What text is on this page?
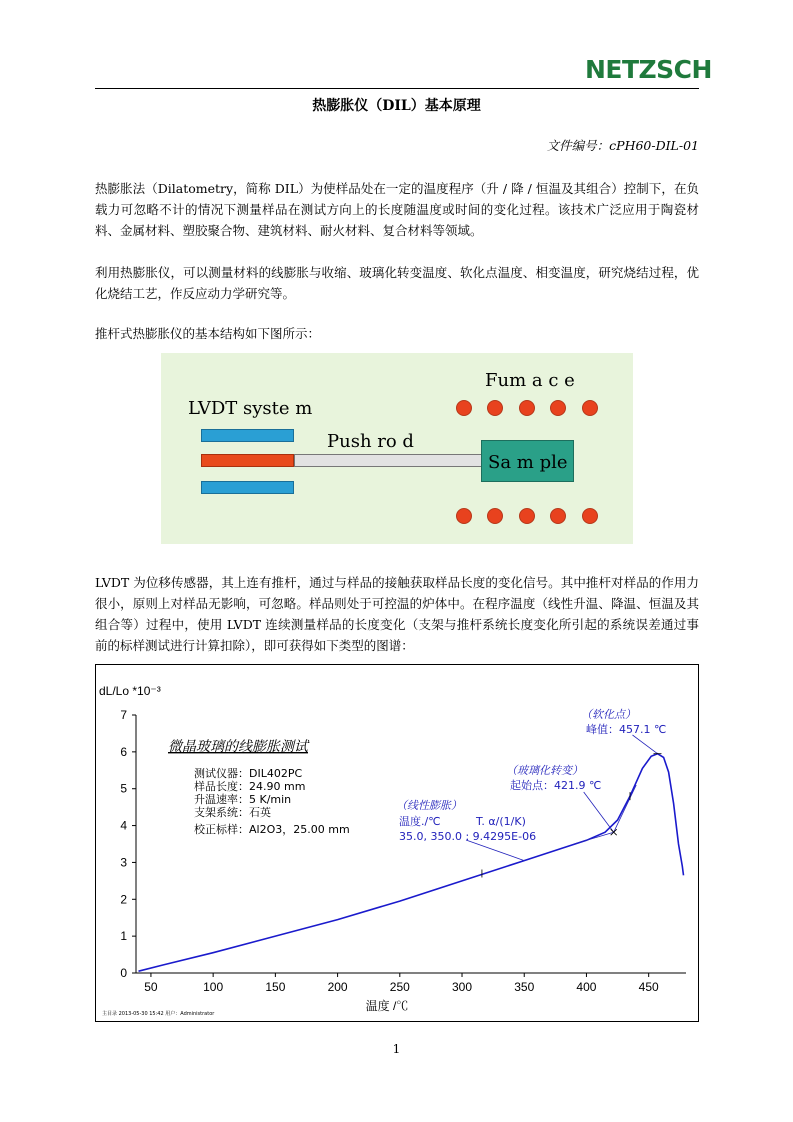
NETZSCH
热膨胀仪（DIL）基本原理
文件编号：cPH60-DIL-01
热膨胀法（Dilatometry，简称 DIL）为使样品处在一定的温度程序（升 / 降 / 恒温及其组合）控制下，在负载力可忽略不计的情况下测量样品在测试方向上的长度随温度或时间的变化过程。该技术广泛应用于陶瓷材料、金属材料、塑胶聚合物、建筑材料、耐火材料、复合材料等领域。
利用热膨胀仪，可以测量材料的线膨胀与收缩、玻璃化转变温度、软化点温度、相变温度，研究烧结过程，优化烧结工艺，作反应动力学研究等。
推杆式热膨胀仪的基本结构如下图所示：
Fum a c e
LVDT syste m
Push ro d
Sa m ple
LVDT 为位移传感器，其上连有推杆，通过与样品的接触获取样品长度的变化信号。其中推杆对样品的作用力很小，原则上对样品无影响，可忽略。样品则处于可控温的炉体中。在程序温度（线性升温、降温、恒温及其组合等）过程中，使用 LVDT 连续测量样品的长度变化（支架与推杆系统长度变化所引起的系统误差通过事前的标样测试进行计算扣除），即可获得如下类型的图谱：
dL/Lo *10⁻³
0
1
2
3
4
5
6
7
50	100	150	200	250	300	350	400	450
温度 /℃
微晶玻璃的线膨胀测试
测试仪器：DIL402PC
样品长度：24.90 mm
升温速率：5 K/min
支架系统：石英
校正标样：Al2O3，25.00 mm
（软化点）
峰值：457.1 ℃
（玻璃化转变）
起始点：421.9 ℃
（线性膨胀）
温度./℃	T. α/(1/K)
35.0, 350.0 : 9.4295E-06
主目录 2013-05-30 15:42 用户：Administrator
1
